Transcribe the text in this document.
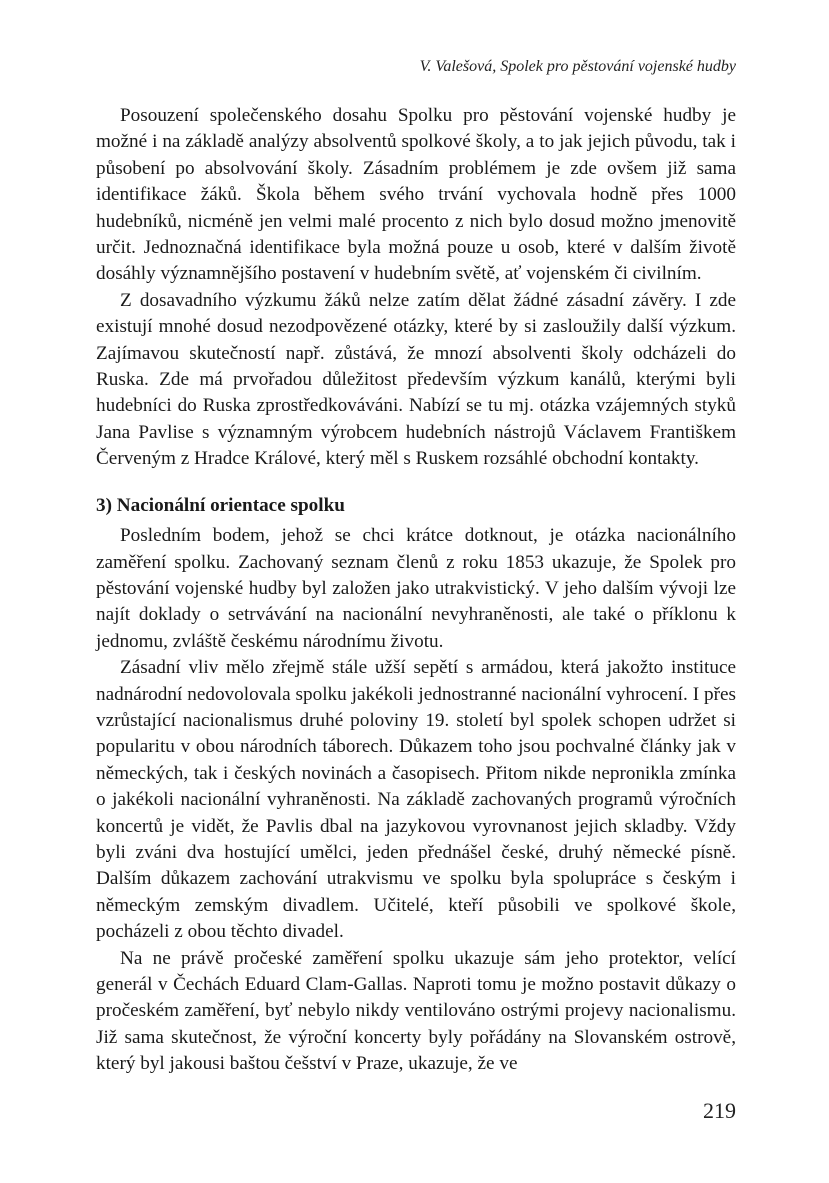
V. Valešová, Spolek pro pěstování vojenské hudby

Posouzení společenského dosahu Spolku pro pěstování vojenské hudby je možné i na základě analýzy absolventů spolkové školy, a to jak jejich původu, tak i působení po absolvování školy. Zásadním problémem je zde ovšem již sama identifikace žáků. Škola během svého trvání vychovala hodně přes 1000 hudebníků, nicméně jen velmi malé procento z nich bylo dosud možno jmenovitě určit. Jednoznačná identifikace byla možná pouze u osob, které v dalším životě dosáhly významnějšího postavení v hudebním světě, ať vojenském či civilním.

Z dosavadního výzkumu žáků nelze zatím dělat žádné zásadní závěry. I zde existují mnohé dosud nezodpovězené otázky, které by si zasloužily další výzkum. Zajímavou skutečností např. zůstává, že mnozí absolventi školy odcházeli do Ruska. Zde má prvořadou důležitost především výzkum kanálů, kterými byli hudebníci do Ruska zprostředkováváni. Nabízí se tu mj. otázka vzájemných styků Jana Pavlise s významným výrobcem hudebních nástrojů Václavem Františkem Červeným z Hradce Králové, který měl s Ruskem rozsáhlé obchodní kontakty.

3) Nacionální orientace spolku

Posledním bodem, jehož se chci krátce dotknout, je otázka nacionálního zaměření spolku. Zachovaný seznam členů z roku 1853 ukazuje, že Spolek pro pěstování vojenské hudby byl založen jako utrakvistický. V jeho dalším vývoji lze najít doklady o setrvávání na nacionální nevyhraněnosti, ale také o příklonu k jednomu, zvláště českému národnímu životu.

Zásadní vliv mělo zřejmě stále užší sepětí s armádou, která jakožto instituce nadnárodní nedovolovala spolku jakékoli jednostranné nacionální vyhrocení. I přes vzrůstající nacionalismus druhé poloviny 19. století byl spolek schopen udržet si popularitu v obou národních táborech. Důkazem toho jsou pochvalné články jak v německých, tak i českých novinách a časopisech. Přitom nikde nepronikla zmínka o jakékoli nacionální vyhraněnosti. Na základě zachovaných programů výročních koncertů je vidět, že Pavlis dbal na jazykovou vyrovnanost jejich skladby. Vždy byli zváni dva hostující umělci, jeden přednášel české, druhý německé písně. Dalším důkazem zachování utrakvismu ve spolku byla spolupráce s českým i německým zemským divadlem. Učitelé, kteří působili ve spolkové škole, pocházeli z obou těchto divadel.

Na ne právě pročeské zaměření spolku ukazuje sám jeho protektor, velící generál v Čechách Eduard Clam-Gallas. Naproti tomu je možno postavit důkazy o pročeském zaměření, byť nebylo nikdy ventilováno ostrými projevy nacionalismu. Již sama skutečnost, že výroční koncerty byly pořádány na Slovanském ostrově, který byl jakousi baštou češství v Praze, ukazuje, že ve

219
